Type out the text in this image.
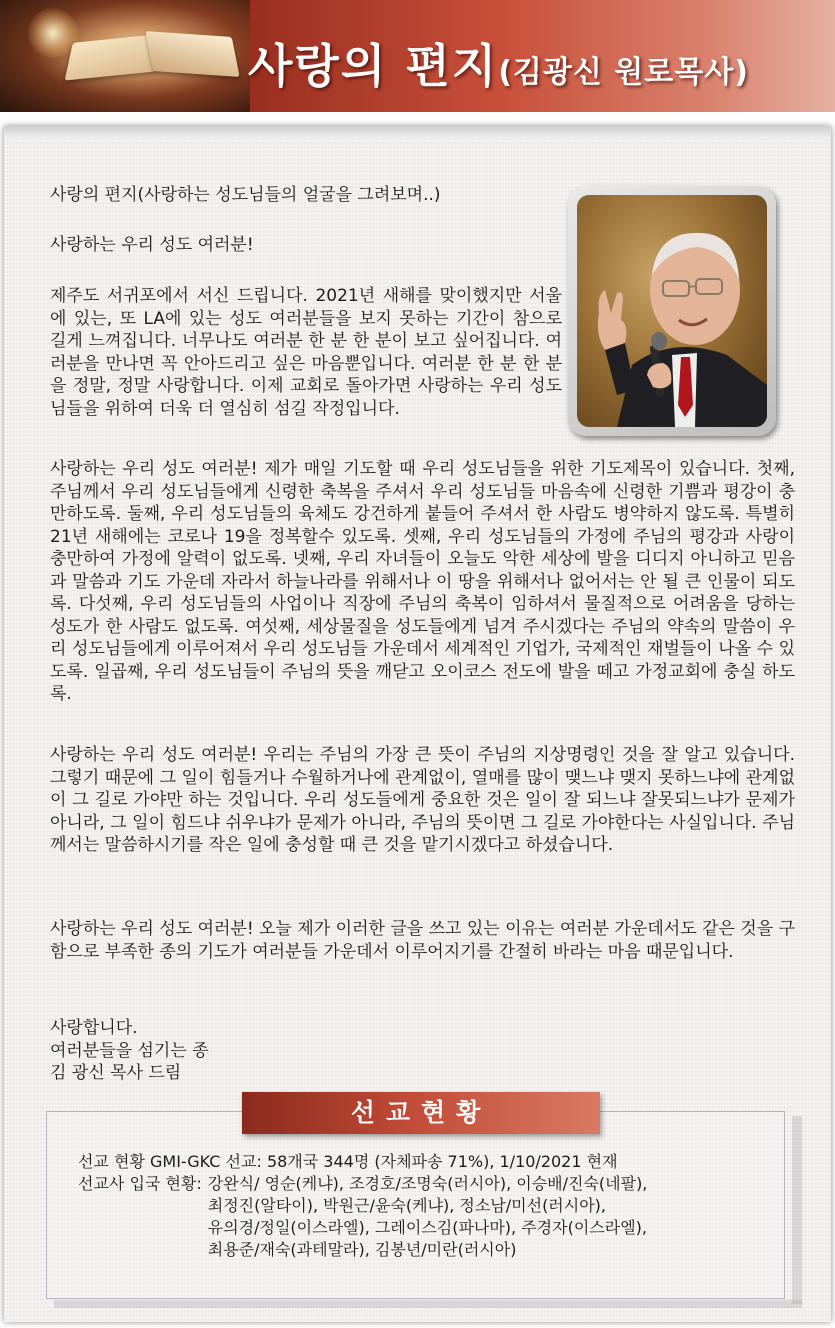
사랑의 편지(김광신 원로목사)

사랑의 편지(사랑하는 성도님들의 얼굴을 그려보며..)

사랑하는 우리 성도 여러분!

제주도 서귀포에서 서신 드립니다. 2021년 새해를 맞이했지만 서울에 있는, 또 LA에 있는 성도 여러분들을 보지 못하는 기간이 참으로 길게 느껴집니다. 너무나도 여러분 한 분 한 분이 보고 싶어집니다. 여러분을 만나면 꼭 안아드리고 싶은 마음뿐입니다. 여러분 한 분 한 분을 정말, 정말 사랑합니다. 이제 교회로 돌아가면 사랑하는 우리 성도님들을 위하여 더욱 더 열심히 섬길 작정입니다.

사랑하는 우리 성도 여러분! 제가 매일 기도할 때 우리 성도님들을 위한 기도제목이 있습니다. 첫째, 주님께서 우리 성도님들에게 신령한 축복을 주셔서 우리 성도님들 마음속에 신령한 기쁨과 평강이 충만하도록. 둘째, 우리 성도님들의 육체도 강건하게 붙들어 주셔서 한 사람도 병약하지 않도록. 특별히 21년 새해에는 코로나 19을 정복할수 있도록. 셋째, 우리 성도님들의 가정에 주님의 평강과 사랑이 충만하여 가정에 알력이 없도록. 넷째, 우리 자녀들이 오늘도 악한 세상에 발을 디디지 아니하고 믿음과 말씀과 기도 가운데 자라서 하늘나라를 위해서나 이 땅을 위해서나 없어서는 안 될 큰 인물이 되도록. 다섯째, 우리 성도님들의 사업이나 직장에 주님의 축복이 임하셔서 물질적으로 어려움을 당하는 성도가 한 사람도 없도록. 여섯째, 세상물질을 성도들에게 넘겨 주시겠다는 주님의 약속의 말씀이 우리 성도님들에게 이루어져서 우리 성도님들 가운데서 세계적인 기업가, 국제적인 재벌들이 나올 수 있도록. 일곱째, 우리 성도님들이 주님의 뜻을 깨닫고 오이코스 전도에 발을 떼고 가정교회에 충실 하도록.

사랑하는 우리 성도 여러분! 우리는 주님의 가장 큰 뜻이 주님의 지상명령인 것을 잘 알고 있습니다. 그렇기 때문에 그 일이 힘들거나 수월하거나에 관계없이, 열매를 많이 맺느냐 맺지 못하느냐에 관계없이 그 길로 가야만 하는 것입니다. 우리 성도들에게 중요한 것은 일이 잘 되느냐 잘못되느냐가 문제가 아니라, 그 일이 힘드냐 쉬우냐가 문제가 아니라, 주님의 뜻이면 그 길로 가야한다는 사실입니다. 주님께서는 말씀하시기를 작은 일에 충성할 때 큰 것을 맡기시겠다고 하셨습니다.

사랑하는 우리 성도 여러분! 오늘 제가 이러한 글을 쓰고 있는 이유는 여러분 가운데서도 같은 것을 구함으로 부족한 종의 기도가 여러분들 가운데서 이루어지기를 간절히 바라는 마음 때문입니다.

사랑합니다.

여러분들을 섬기는 종

김 광신 목사 드림

선교현황
선교 현황 GMI-GKC 선교: 58개국 344명 (자체파송 71%), 1/10/2021 현재
선교사 입국 현황: 강완식/ 영순(케냐), 조경호/조명숙(러시아), 이승배/진숙(네팔),
최정진(알타이), 박원근/윤숙(케냐), 정소남/미선(러시아),
유의경/정일(이스라엘), 그레이스김(파나마), 주경자(이스라엘),
최용준/재숙(과테말라), 김봉년/미란(러시아)
